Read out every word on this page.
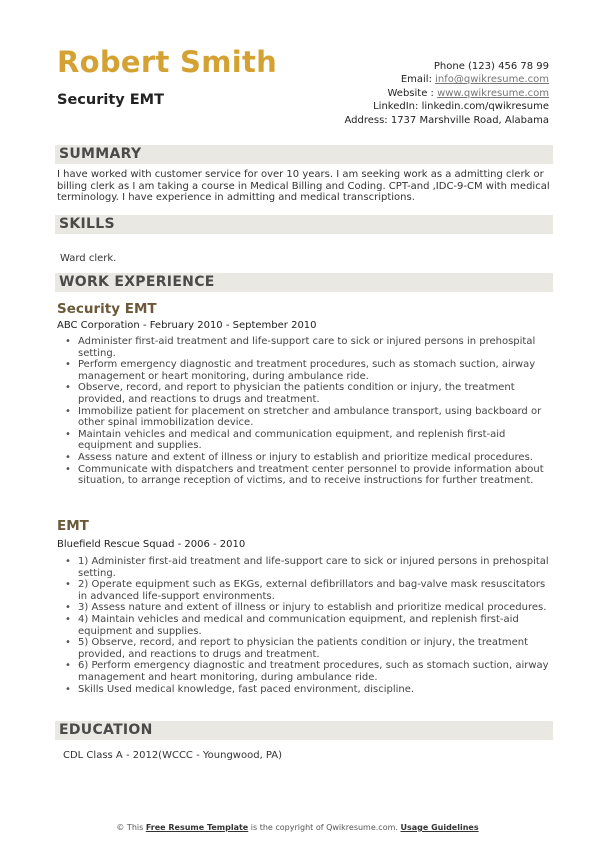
Robert Smith
Security EMT
Phone (123) 456 78 99
Email: info@qwikresume.com
Website : www.qwikresume.com
LinkedIn: linkedin.com/qwikresume
Address: 1737 Marshville Road, Alabama
SUMMARY
I have worked with customer service for over 10 years. I am seeking work as a admitting clerk or billing clerk as I am taking a course in Medical Billing and Coding. CPT-and ,IDC-9-CM with medical terminology. I have experience in admitting and medical transcriptions.
SKILLS
Ward clerk.
WORK EXPERIENCE
Security EMT
ABC Corporation - February 2010 - September 2010
• Administer first-aid treatment and life-support care to sick or injured persons in prehospital setting.
• Perform emergency diagnostic and treatment procedures, such as stomach suction, airway management or heart monitoring, during ambulance ride.
• Observe, record, and report to physician the patients condition or injury, the treatment provided, and reactions to drugs and treatment.
• Immobilize patient for placement on stretcher and ambulance transport, using backboard or other spinal immobilization device.
• Maintain vehicles and medical and communication equipment, and replenish first-aid equipment and supplies.
• Assess nature and extent of illness or injury to establish and prioritize medical procedures.
• Communicate with dispatchers and treatment center personnel to provide information about situation, to arrange reception of victims, and to receive instructions for further treatment.
EMT
Bluefield Rescue Squad - 2006 - 2010
• 1) Administer first-aid treatment and life-support care to sick or injured persons in prehospital setting.
• 2) Operate equipment such as EKGs, external defibrillators and bag-valve mask resuscitators in advanced life-support environments.
• 3) Assess nature and extent of illness or injury to establish and prioritize medical procedures.
• 4) Maintain vehicles and medical and communication equipment, and replenish first-aid equipment and supplies.
• 5) Observe, record, and report to physician the patients condition or injury, the treatment provided, and reactions to drugs and treatment.
• 6) Perform emergency diagnostic and treatment procedures, such as stomach suction, airway management and heart monitoring, during ambulance ride.
• Skills Used medical knowledge, fast paced environment, discipline.
EDUCATION
CDL Class A - 2012(WCCC - Youngwood, PA)
© This Free Resume Template is the copyright of Qwikresume.com. Usage Guidelines
